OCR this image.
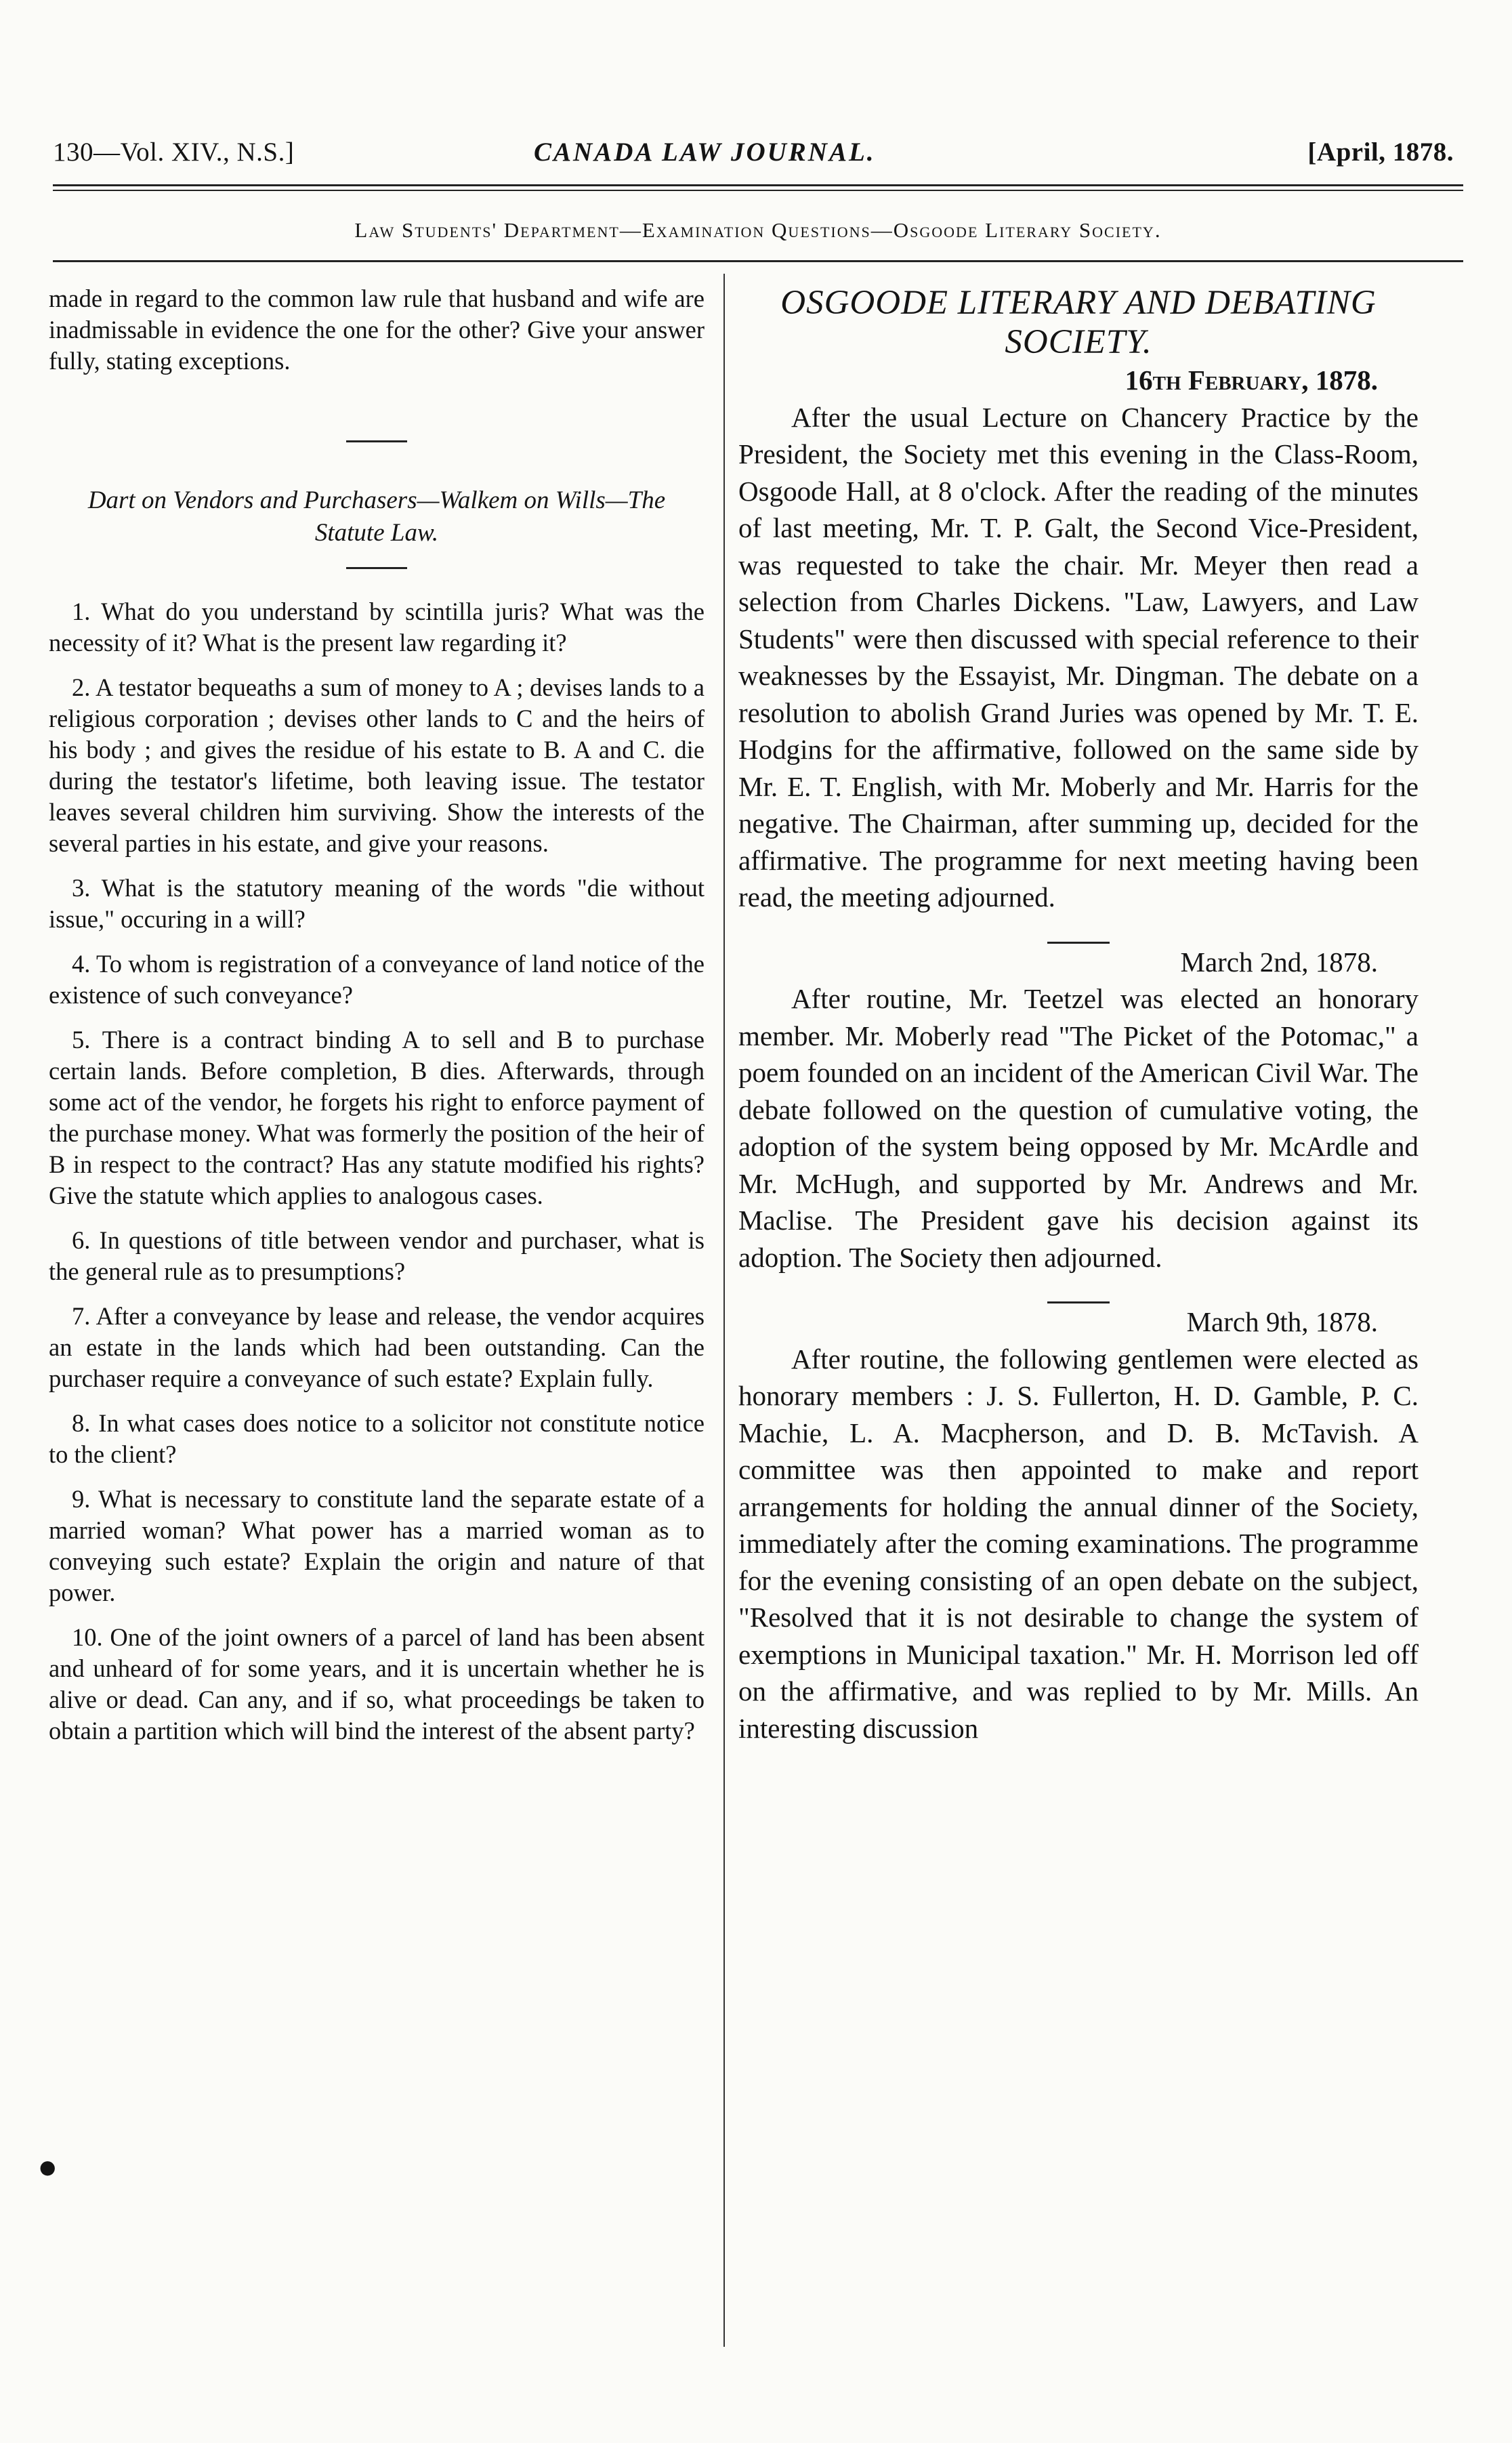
130—Vol. XIV., N.S.]	CANADA LAW JOURNAL.	[April, 1878.
Law Students' Department—Examination Questions—Osgoode Literary Society.

made in regard to the common law rule that husband and wife are inadmissable in evidence the one for the other? Give your answer fully, stating exceptions.

Dart on Vendors and Purchasers—Walkem on Wills—The Statute Law.

1. What do you understand by scintilla juris? What was the necessity of it? What is the present law regarding it?

2. A testator bequeaths a sum of money to A ; devises lands to a religious corporation ; devises other lands to C and the heirs of his body ; and gives the residue of his estate to B. A and C. die during the testator's lifetime, both leaving issue. The testator leaves several children him surviving. Show the interests of the several parties in his estate, and give your reasons.

3. What is the statutory meaning of the words "die without issue," occuring in a will?

4. To whom is registration of a conveyance of land notice of the existence of such conveyance?

5. There is a contract binding A to sell and B to purchase certain lands. Before completion, B dies. Afterwards, through some act of the vendor, he forgets his right to enforce payment of the purchase money. What was formerly the position of the heir of B in respect to the contract? Has any statute modified his rights? Give the statute which applies to analogous cases.

6. In questions of title between vendor and purchaser, what is the general rule as to presumptions?

7. After a conveyance by lease and release, the vendor acquires an estate in the lands which had been outstanding. Can the purchaser require a conveyance of such estate? Explain fully.

8. In what cases does notice to a solicitor not constitute notice to the client?

9. What is necessary to constitute land the separate estate of a married woman? What power has a married woman as to conveying such estate? Explain the origin and nature of that power.

10. One of the joint owners of a parcel of land has been absent and unheard of for some years, and it is uncertain whether he is alive or dead. Can any, and if so, what proceedings be taken to obtain a partition which will bind the interest of the absent party?

●

OSGOODE LITERARY AND DEBATING SOCIETY.

16th February, 1878.

After the usual Lecture on Chancery Practice by the President, the Society met this evening in the Class-Room, Osgoode Hall, at 8 o'clock. After the reading of the minutes of last meeting, Mr. T. P. Galt, the Second Vice-President, was requested to take the chair. Mr. Meyer then read a selection from Charles Dickens. "Law, Lawyers, and Law Students" were then discussed with special reference to their weaknesses by the Essayist, Mr. Dingman. The debate on a resolution to abolish Grand Juries was opened by Mr. T. E. Hodgins for the affirmative, followed on the same side by Mr. E. T. English, with Mr. Moberly and Mr. Harris for the negative. The Chairman, after summing up, decided for the affirmative. The programme for next meeting having been read, the meeting adjourned.

March 2nd, 1878.

After routine, Mr. Teetzel was elected an honorary member. Mr. Moberly read "The Picket of the Potomac," a poem founded on an incident of the American Civil War. The debate followed on the question of cumulative voting, the adoption of the system being opposed by Mr. McArdle and Mr. McHugh, and supported by Mr. Andrews and Mr. Maclise. The President gave his decision against its adoption. The Society then adjourned.

March 9th, 1878.

After routine, the following gentlemen were elected as honorary members : J. S. Fullerton, H. D. Gamble, P. C. Machie, L. A. Macpherson, and D. B. McTavish. A committee was then appointed to make and report arrangements for holding the annual dinner of the Society, immediately after the coming examinations. The programme for the evening consisting of an open debate on the subject, "Resolved that it is not desirable to change the system of exemptions in Municipal taxation." Mr. H. Morrison led off on the affirmative, and was replied to by Mr. Mills. An interesting discussion
